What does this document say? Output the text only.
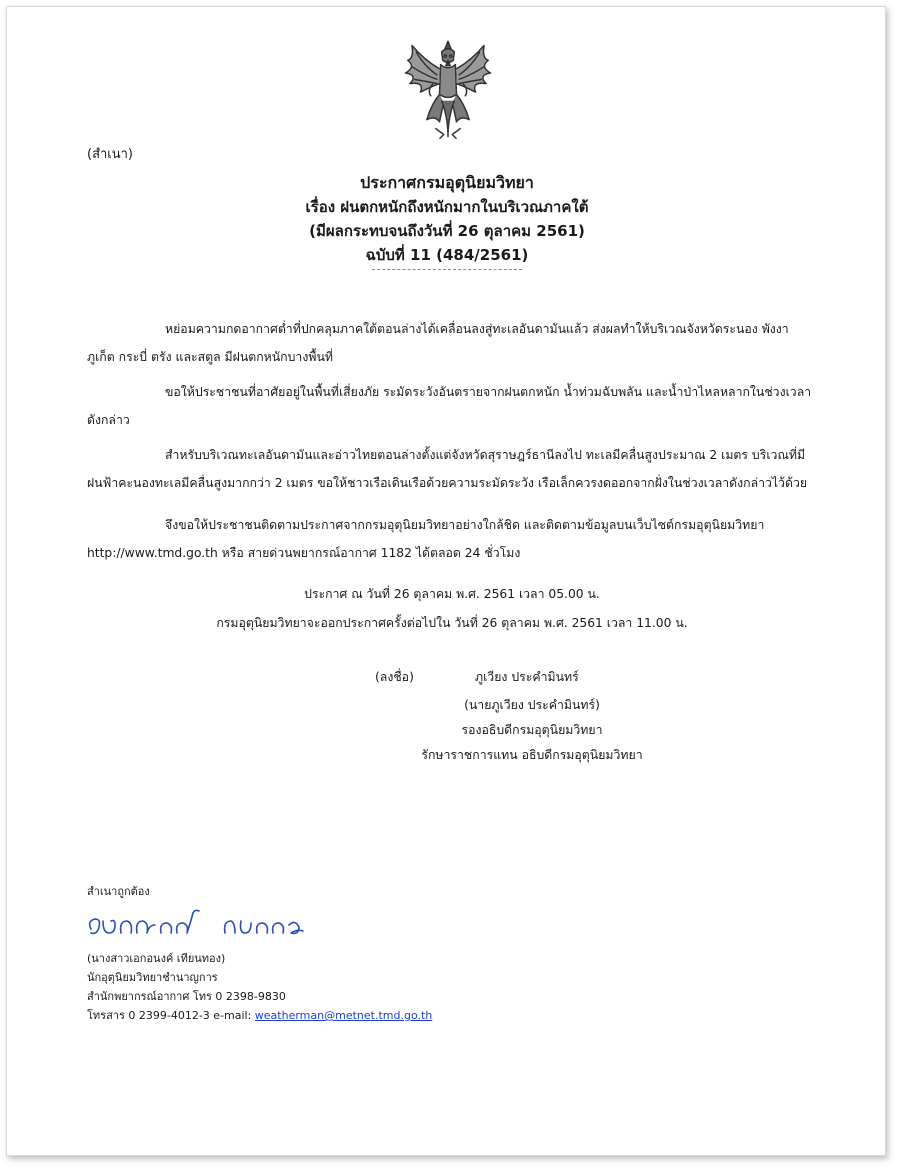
(สำเนา)
ประกาศกรมอุตุนิยมวิทยา
เรื่อง ฝนตกหนักถึงหนักมากในบริเวณภาคใต้
(มีผลกระทบจนถึงวันที่ 26 ตุลาคม 2561)
ฉบับที่ 11 (484/2561)

หย่อมความกดอากาศต่ำที่ปกคลุมภาคใต้ตอนล่างได้เคลื่อนลงสู่ทะเลอันดามันแล้ว ส่งผลทำให้บริเวณจังหวัดระนอง พังงา ภูเก็ต กระบี่ ตรัง และสตูล มีฝนตกหนักบางพื้นที่

ขอให้ประชาชนที่อาศัยอยู่ในพื้นที่เสี่ยงภัย ระมัดระวังอันตรายจากฝนตกหนัก น้ำท่วมฉับพลัน และน้ำป่าไหลหลากในช่วงเวลาดังกล่าว

สำหรับบริเวณทะเลอันดามันและอ่าวไทยตอนล่างตั้งแต่จังหวัดสุราษฎร์ธานีลงไป ทะเลมีคลื่นสูงประมาณ 2 เมตร บริเวณที่มีฝนฟ้าคะนองทะเลมีคลื่นสูงมากกว่า 2 เมตร ขอให้ชาวเรือเดินเรือด้วยความระมัดระวัง เรือเล็กควรงดออกจากฝั่งในช่วงเวลาดังกล่าวไว้ด้วย

จึงขอให้ประชาชนติดตามประกาศจากกรมอุตุนิยมวิทยาอย่างใกล้ชิด และติดตามข้อมูลบนเว็บไซต์กรมอุตุนิยมวิทยา http://www.tmd.go.th หรือ สายด่วนพยากรณ์อากาศ 1182 ได้ตลอด 24 ชั่วโมง

ประกาศ ณ วันที่ 26 ตุลาคม พ.ศ. 2561 เวลา 05.00 น.
กรมอุตุนิยมวิทยาจะออกประกาศครั้งต่อไปใน วันที่ 26 ตุลาคม พ.ศ. 2561 เวลา 11.00 น.
(ลงชื่อ)	ภูเวียง ประคำมินทร์
(นายภูเวียง ประคำมินทร์)
รองอธิบดีกรมอุตุนิยมวิทยา
รักษาราชการแทน อธิบดีกรมอุตุนิยมวิทยา
สำเนาถูกต้อง
(นางสาวเอกอนงค์ เทียนทอง)
นักอุตุนิยมวิทยาชำนาญการ
สำนักพยากรณ์อากาศ โทร 0 2398-9830
โทรสาร 0 2399-4012-3 e-mail: weatherman@metnet.tmd.go.th
